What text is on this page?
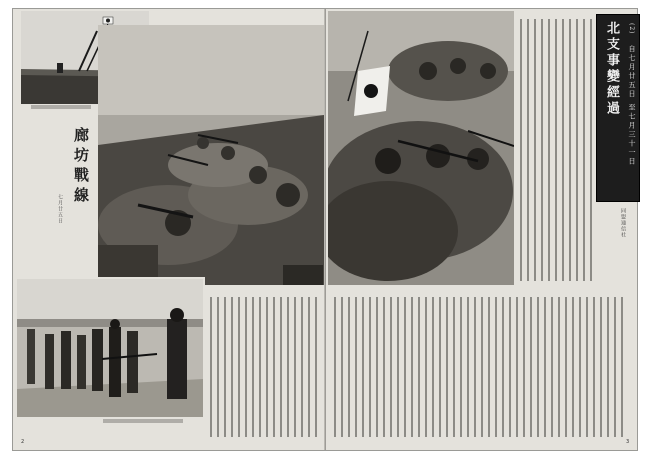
廊坊戰線
七月廿五日
2	3
北支事變經過	(2)
自七月廿五日 至七月三十一日
同盟通信社
